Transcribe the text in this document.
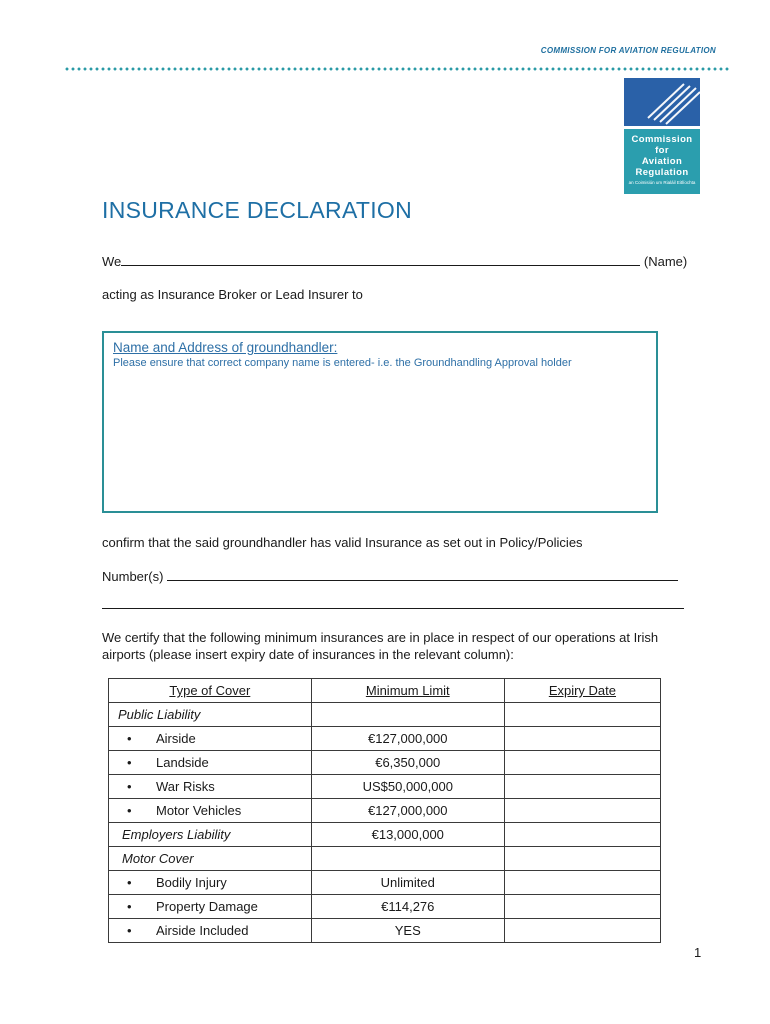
COMMISSION FOR AVIATION REGULATION
Commission
for
Aviation
Regulation
an Coimisiún um Rialáil Eitlíochta
INSURANCE DECLARATION
We	(Name)
acting as Insurance Broker or Lead Insurer to
Name and Address of groundhandler:
Please ensure that correct company name is entered- i.e. the Groundhandling Approval holder
confirm that the said groundhandler has valid Insurance as set out in Policy/Policies
Number(s)
We certify that the following minimum insurances are in place in respect of our operations at Irish airports (please insert expiry date of insurances in the relevant column):
Type of Cover	Minimum Limit	Expiry Date
Public Liability		
• Airside	€127,000,000	
• Landside	€6,350,000	
• War Risks	US$50,000,000	
• Motor Vehicles	€127,000,000	
Employers Liability	€13,000,000	
Motor Cover		
• Bodily Injury	Unlimited	
• Property Damage	€114,276	
• Airside Included	YES	
1
